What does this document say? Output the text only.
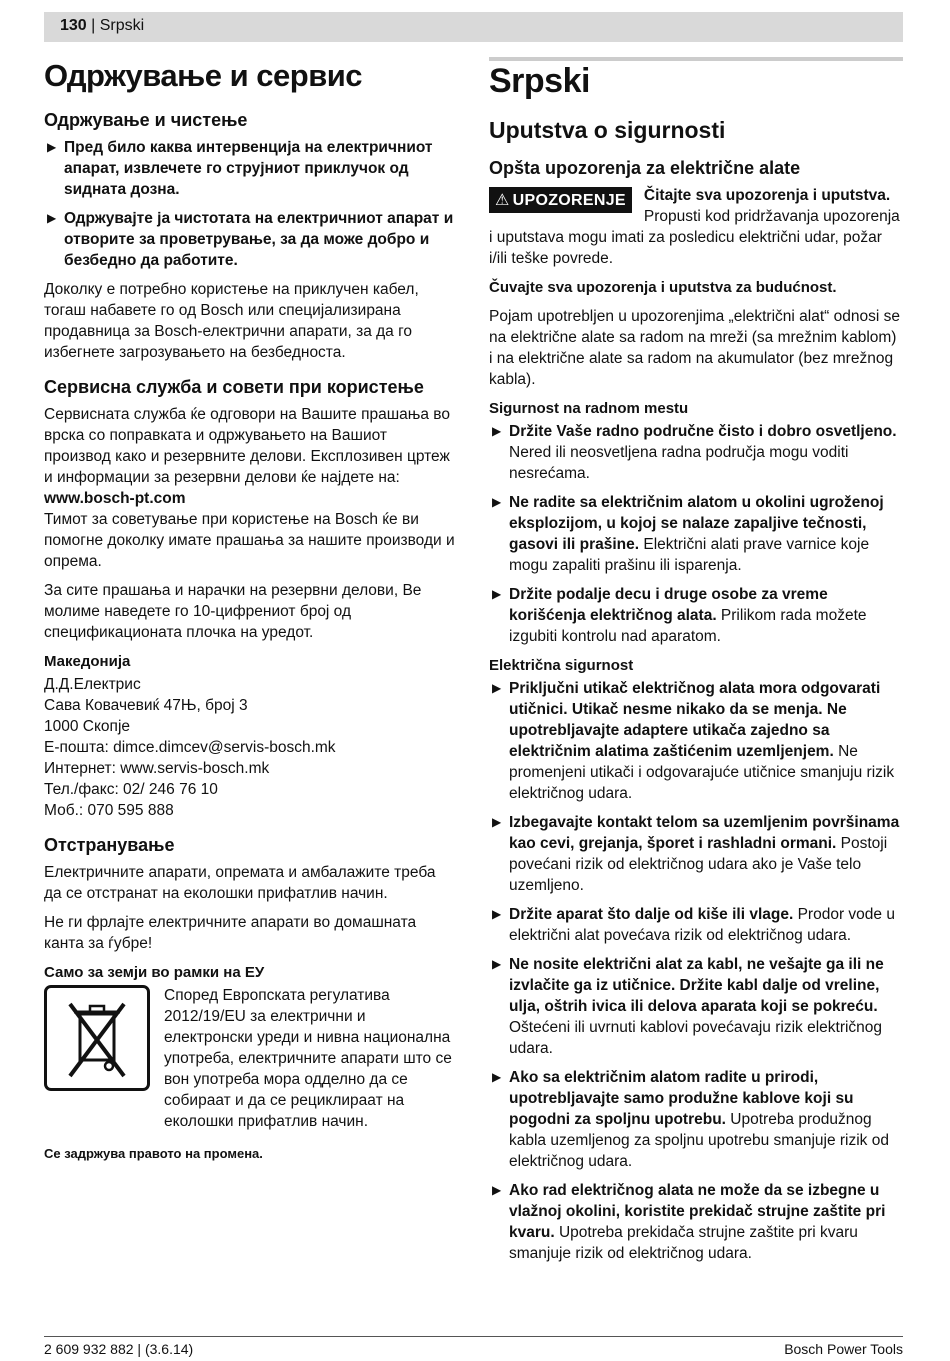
130 | Srpski
Одржување и сервис
Одржување и чистење
▶ Пред било каква интервенција на електричниот апарат, извлечете го струјниот приклучок од ѕидната дозна.
▶ Одржувајте ја чистотата на електричниот апарат и отворите за проветрување, за да може добро и безбедно да работите.

Доколку е потребно користење на приклучен кабел, тогаш набавете го од Bosch или специјализирана продавница за Bosch-електрични апарати, за да го избегнете загрозувањето на безбедноста.

Сервисна служба и совети при користење

Сервисната служба ќе одговори на Вашите прашања во врска со поправката и одржувањето на Вашиот производ како и резервните делови. Експлозивен цртеж и информации за резервни делови ќе најдете на:

www.bosch-pt.com

Тимот за советување при користење на Bosch ќе ви помогне доколку имате прашања за нашите производи и опрема.

За сите прашања и нарачки на резервни делови, Ве молиме наведете го 10-цифрениот број од спецификационата плочка на уредот.

Македонија

Д.Д.Електрис

Сава Ковачевиќ 47Њ, број 3

1000 Скопје

Е-пошта: dimce.dimcev@servis-bosch.mk

Интернет: www.servis-bosch.mk

Тел./факс: 02/ 246 76 10

Моб.: 070 595 888

Отстранување

Електричните апарати, опремата и амбалажите треба да се отстранат на еколошки прифатлив начин.

Не ги фрлајте електричните апарати во домашната канта за ѓубре!

Само за земји во рамки на ЕУ

Според Европската регулатива 2012/19/EU за електрични и електронски уреди и нивна национална употреба, електричните апарати што се вон употреба мора одделно да се собираат и да се рециклираат на еколошки прифатлив начин.

Се задржува правото на промена.
Srpski
Uputstva o sigurnosti
Opšta upozorenja za električne alate
⚠ UPOZORENJE	Čitajte sva upozorenja i uputstva. Propusti kod pridržavanja upozorenja i uputstava mogu imati za posledicu električni udar, požar i/ili teške povrede.

Čuvajte sva upozorenja i uputstva za budućnost.

Pojam upotrebljen u upozorenjima „električni alat“ odnosi se na električne alate sa radom na mreži (sa mrežnim kablom) i na električne alate sa radom na akumulator (bez mrežnog kabla).

Sigurnost na radnom mestu
▶ Držite Vaše radno područne čisto i dobro osvetljeno. Nered ili neosvetljena radna područja mogu voditi nesrećama.
▶ Ne radite sa električnim alatom u okolini ugroženoj eksplozijom, u kojoj se nalaze zapaljive tečnosti, gasovi ili prašine. Električni alati prave varnice koje mogu zapaliti prašinu ili isparenja.
▶ Držite podalje decu i druge osobe za vreme korišćenja električnog alata. Prilikom rada možete izgubiti kontrolu nad aparatom.
Električna sigurnost
▶ Priključni utikač električnog alata mora odgovarati utičnici. Utikač nesme nikako da se menja. Ne upotrebljavajte adaptere utikača zajedno sa električnim alatima zaštićenim uzemljenjem. Ne promenjeni utikači i odgovarajuće utičnice smanjuju rizik električnog udara.
▶ Izbegavajte kontakt telom sa uzemljenim površinama kao cevi, grejanja, šporet i rashladni ormani. Postoji povećani rizik od električnog udara ako je Vaše telo uzemljeno.
▶ Držite aparat što dalje od kiše ili vlage. Prodor vode u električni alat povećava rizik od električnog udara.
▶ Ne nosite električni alat za kabl, ne vešajte ga ili ne izvlačite ga iz utičnice. Držite kabl dalje od vreline, ulja, oštrih ivica ili delova aparata koji se pokreću. Oštećeni ili uvrnuti kablovi povećavaju rizik električnog udara.
▶ Ako sa električnim alatom radite u prirodi, upotrebljavajte samo produžne kablove koji su pogodni za spoljnu upotrebu. Upotreba produžnog kabla uzemljenog za spoljnu upotrebu smanjuje rizik od električnog udara.
▶ Ako rad električnog alata ne može da se izbegne u vlažnoj okolini, koristite prekidač strujne zaštite pri kvaru. Upotreba prekidača strujne zaštite pri kvaru smanjuje rizik od električnog udara.
2 609 932 882 | (3.6.14)	Bosch Power Tools
